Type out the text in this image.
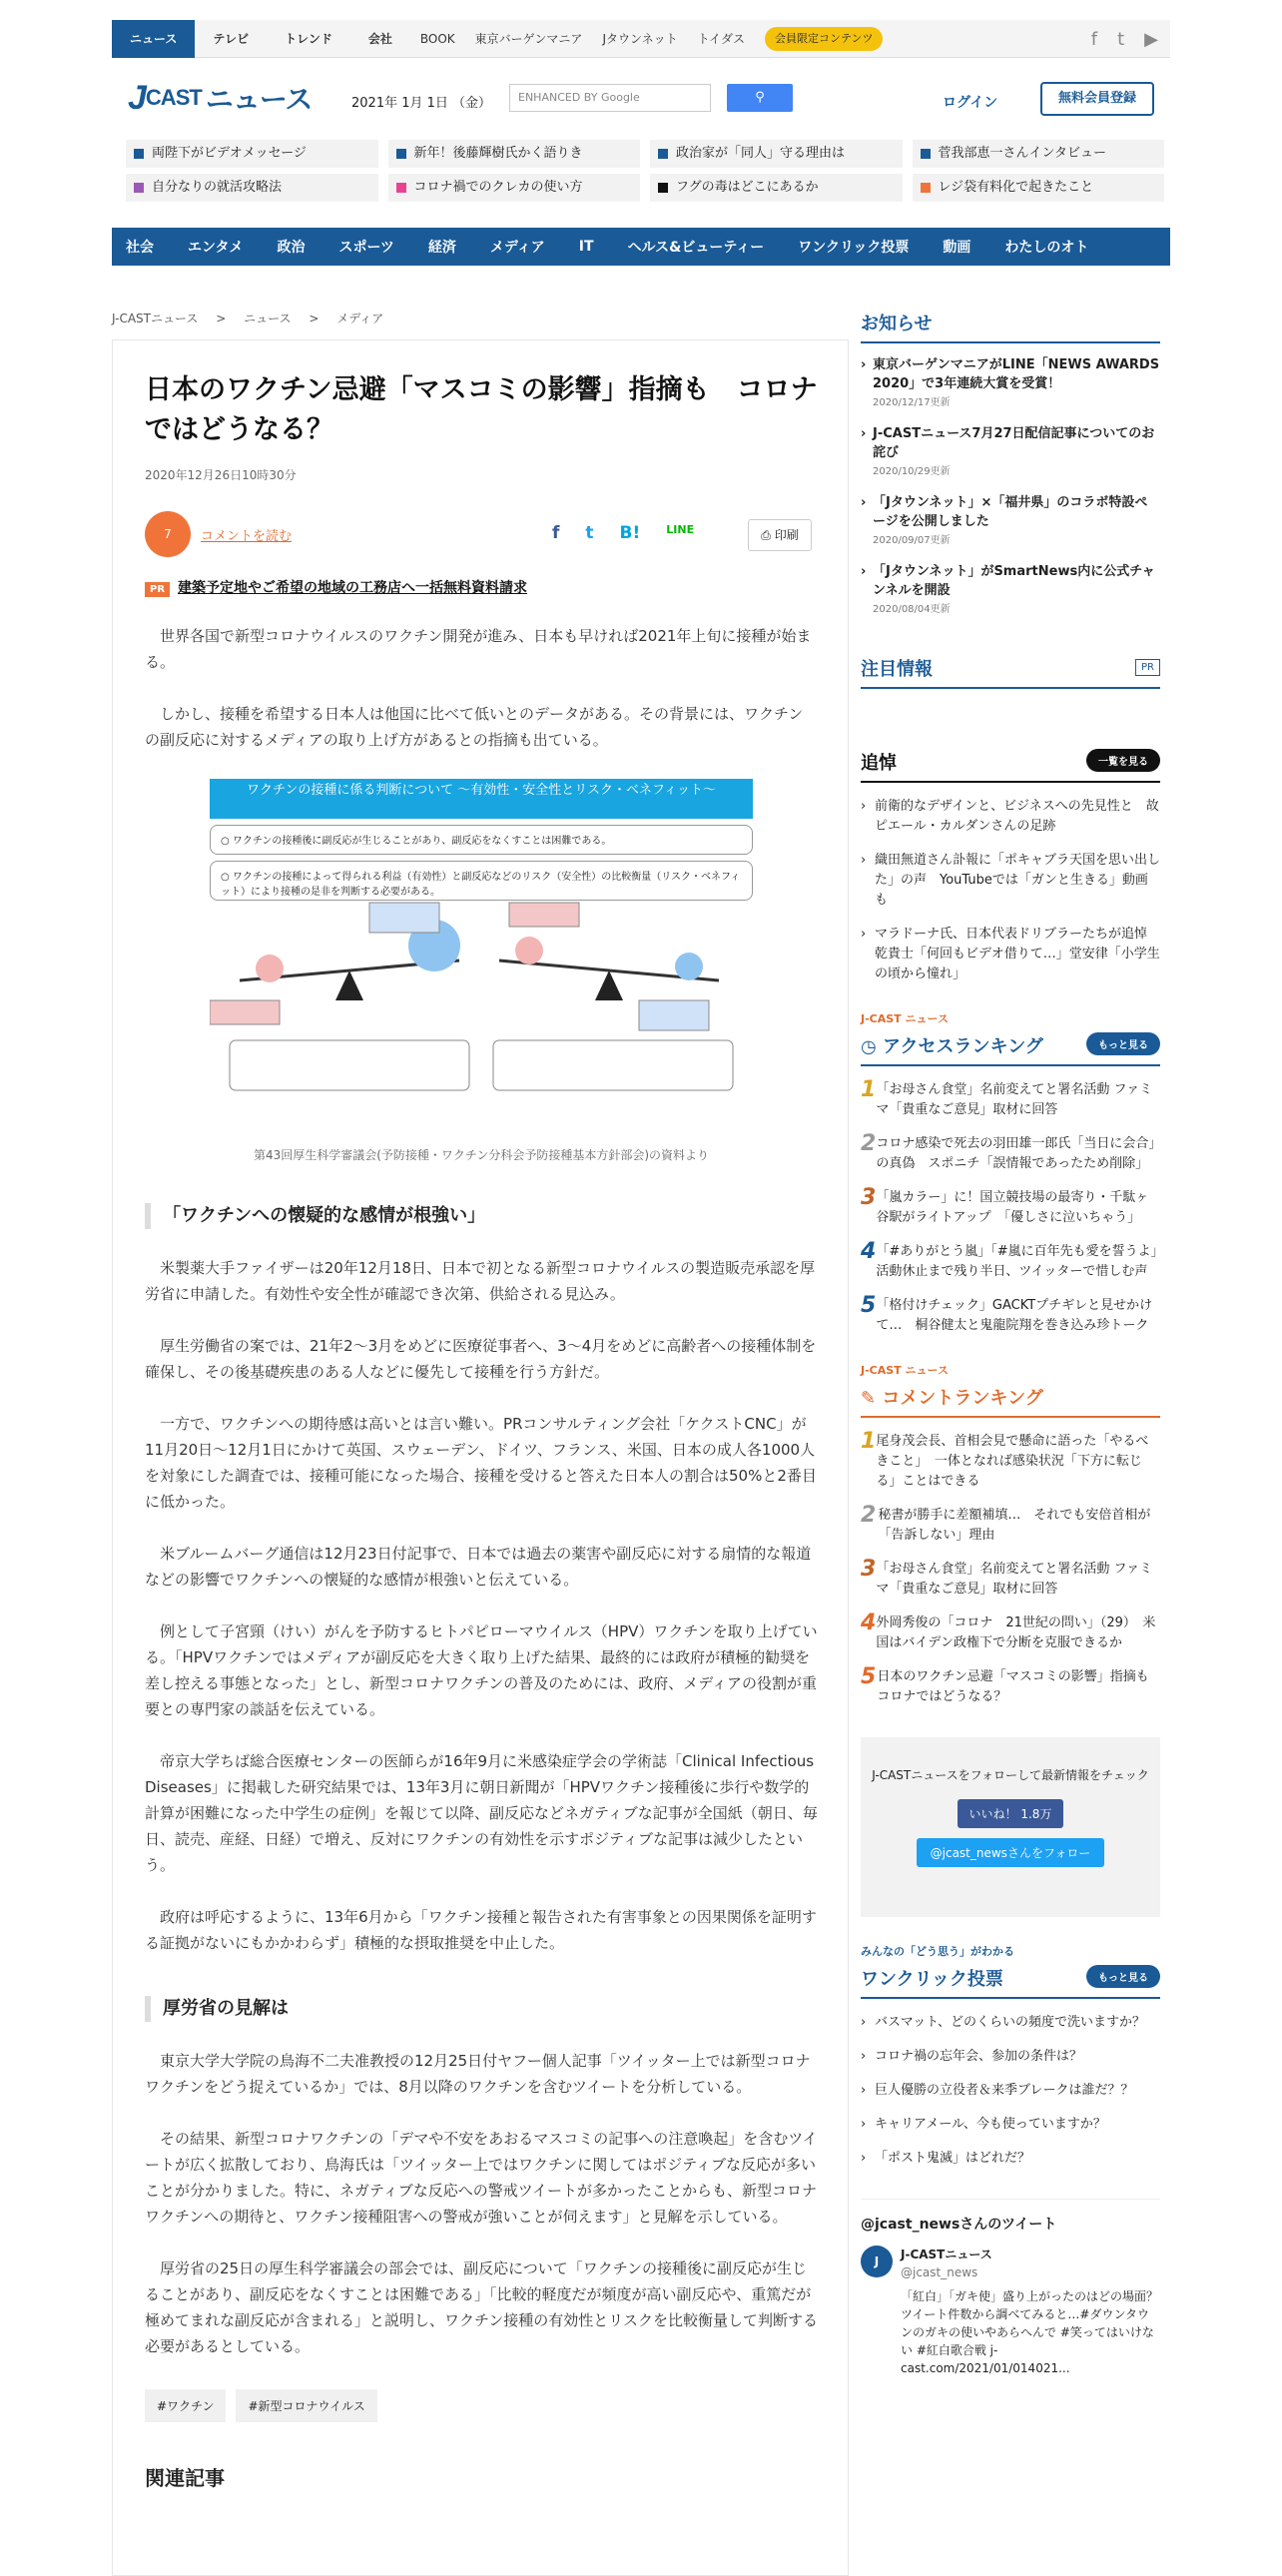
ニュース	テレビ	トレンド	会社	BOOK	東京バーゲンマニア	Jタウンネット	トイダス	会員限定コンテンツ	f t ▶
J CAST ニュース	2021年 1月 1日 （金）	ENHANCED BY Google	⚲	ログイン	無料会員登録
両陛下がビデオメッセージ	新年！後藤輝樹氏かく語りき	政治家が「同人」守る理由は	菅我部恵一さんインタビュー
自分なりの就活攻略法	コロナ禍でのクレカの使い方	フグの毒はどこにあるか	レジ袋有料化で起きたこと
社会 エンタメ 政治 スポーツ 経済 メディア IT ヘルス&ビューティー ワンクリック投票 動画 わたしのオト
J-CASTニュース > ニュース > メディア
日本のワクチン忌避「マスコミの影響」指摘も　コロナではどうなる？
2020年12月26日10時30分
7	コメントを読む	f t B! LINE	⎙ 印刷
PR 建築予定地やご希望の地域の工務店へ一括無料資料請求

世界各国で新型コロナウイルスのワクチン開発が進み、日本も早ければ2021年上旬に接種が始まる。

しかし、接種を希望する日本人は他国に比べて低いとのデータがある。その背景には、ワクチンの副反応に対するメディアの取り上げ方があるとの指摘も出ている。

ワクチンの接種に係る判断について ～有効性・安全性とリスク・ベネフィット～
○ ワクチンの接種後に副反応が生じることがあり、副反応をなくすことは困難である。
○ ワクチンの接種によって得られる利益（有効性）と副反応などのリスク（安全性）の比較衡量（リスク・ベネフィット）により接種の是非を判断する必要がある。
第43回厚生科学審議会(予防接種・ワクチン分科会予防接種基本方針部会)の資料より
「ワクチンへの懐疑的な感情が根強い」

米製薬大手ファイザーは20年12月18日、日本で初となる新型コロナウイルスの製造販売承認を厚労省に申請した。有効性や安全性が確認でき次第、供給される見込み。

厚生労働省の案では、21年2～3月をめどに医療従事者へ、3～4月をめどに高齢者への接種体制を確保し、その後基礎疾患のある人などに優先して接種を行う方針だ。

一方で、ワクチンへの期待感は高いとは言い難い。PRコンサルティング会社「ケクストCNC」が11月20日～12月1日にかけて英国、スウェーデン、ドイツ、フランス、米国、日本の成人各1000人を対象にした調査では、接種可能になった場合、接種を受けると答えた日本人の割合は50%と2番目に低かった。

米ブルームバーグ通信は12月23日付記事で、日本では過去の薬害や副反応に対する扇情的な報道などの影響でワクチンへの懐疑的な感情が根強いと伝えている。

例として子宮頸（けい）がんを予防するヒトパピローマウイルス（HPV）ワクチンを取り上げている。「HPVワクチンではメディアが副反応を大きく取り上げた結果、最終的には政府が積極的勧奨を差し控える事態となった」とし、新型コロナワクチンの普及のためには、政府、メディアの役割が重要との専門家の談話を伝えている。

帝京大学ちば総合医療センターの医師らが16年9月に米感染症学会の学術誌「Clinical Infectious Diseases」に掲載した研究結果では、13年3月に朝日新聞が「HPVワクチン接種後に歩行や数学的計算が困難になった中学生の症例」を報じて以降、副反応などネガティブな記事が全国紙（朝日、毎日、読売、産経、日経）で増え、反対にワクチンの有効性を示すポジティブな記事は減少したという。

政府は呼応するように、13年6月から「ワクチン接種と報告された有害事象との因果関係を証明する証拠がないにもかかわらず」積極的な摂取推奨を中止した。

厚労省の見解は

東京大学大学院の鳥海不二夫准教授の12月25日付ヤフー個人記事「ツイッター上では新型コロナワクチンをどう捉えているか」では、8月以降のワクチンを含むツイートを分析している。

その結果、新型コロナワクチンの「デマや不安をあおるマスコミの記事への注意喚起」を含むツイートが広く拡散しており、鳥海氏は「ツイッター上ではワクチンに関してはポジティブな反応が多いことが分かりました。特に、ネガティブな反応への警戒ツイートが多かったことからも、新型コロナワクチンへの期待と、ワクチン接種阻害への警戒が強いことが伺えます」と見解を示している。

厚労省の25日の厚生科学審議会の部会では、副反応について「ワクチンの接種後に副反応が生じることがあり、副反応をなくすことは困難である」「比較的軽度だが頻度が高い副反応や、重篤だが極めてまれな副反応が含まれる」と説明し、ワクチン接種の有効性とリスクを比較衡量して判断する必要があるとしている。

#ワクチン	#新型コロナウイルス
関連記事
お知らせ
› 東京バーゲンマニアがLINE「NEWS AWARDS 2020」で3年連続大賞を受賞！
2020/12/17更新
› J-CASTニュース7月27日配信記事についてのお詫び
2020/10/29更新
› 「Jタウンネット」×「福井県」のコラボ特設ページを公開しました
2020/09/07更新
› 「Jタウンネット」がSmartNews内に公式チャンネルを開設
2020/08/04更新
注目情報	PR
追悼	一覧を見る
› 前衛的なデザインと、ビジネスへの先見性と　故ピエール・カルダンさんの足跡
› 織田無道さん訃報に「ポキャブラ天国を思い出した」の声　YouTubeでは「ガンと生きる」動画も
› マラドーナ氏、日本代表ドリブラーたちが追悼　乾貴士「何回もビデオ借りて…」堂安律「小学生の頃から憧れ」
J-CAST ニュース
◷ アクセスランキング	もっと見る
1 「お母さん食堂」名前変えてと署名活動 ファミマ「貴重なご意見」取材に回答
2 コロナ感染で死去の羽田雄一郎氏「当日に会合」の真偽　スポニチ「誤情報であったため削除」
3 「嵐カラー」に！国立競技場の最寄り・千駄ヶ谷駅がライトアップ　「優しさに泣いちゃう」
4 「#ありがとう嵐」「#嵐に百年先も愛を誓うよ」　活動休止まで残り半日、ツイッターで惜しむ声
5 「格付けチェック」GACKTプチギレと見せかけて…　桐谷健太と鬼龍院翔を巻き込み珍トーク
J-CAST ニュース
✎ コメントランキング
1 尾身茂会長、首相会見で懸命に語った「やるべきこと」　一体となれば感染状況「下方に転じる」ことはできる
2 秘書が勝手に差額補填…　それでも安倍首相が「告訴しない」理由
3 「お母さん食堂」名前変えてと署名活動 ファミマ「貴重なご意見」取材に回答
4 外岡秀俊の「コロナ　21世紀の問い」（29）　米国はバイデン政権下で分断を克服できるか
5 日本のワクチン忌避「マスコミの影響」指摘も　コロナではどうなる？
J-CASTニュースをフォローして最新情報をチェック
いいね！ 1.8万
@jcast_newsさんをフォロー
みんなの「どう思う」がわかる
ワンクリック投票	もっと見る
› バスマット、どのくらいの頻度で洗いますか？
› コロナ禍の忘年会、参加の条件は？
› 巨人優勝の立役者＆来季ブレークは誰だ？？
› キャリアメール、今も使っていますか？
› 「ポスト鬼滅」はどれだ？
@jcast_newsさんのツイート
J	J-CASTニュース
@jcast_news
「紅白」「ガキ使」盛り上がったのはどの場面？　ツイート件数から調べてみると…#ダウンタウンのガキの使いやあらへんで #笑ってはいけない #紅白歌合戦 j-cast.com/2021/01/014021...
